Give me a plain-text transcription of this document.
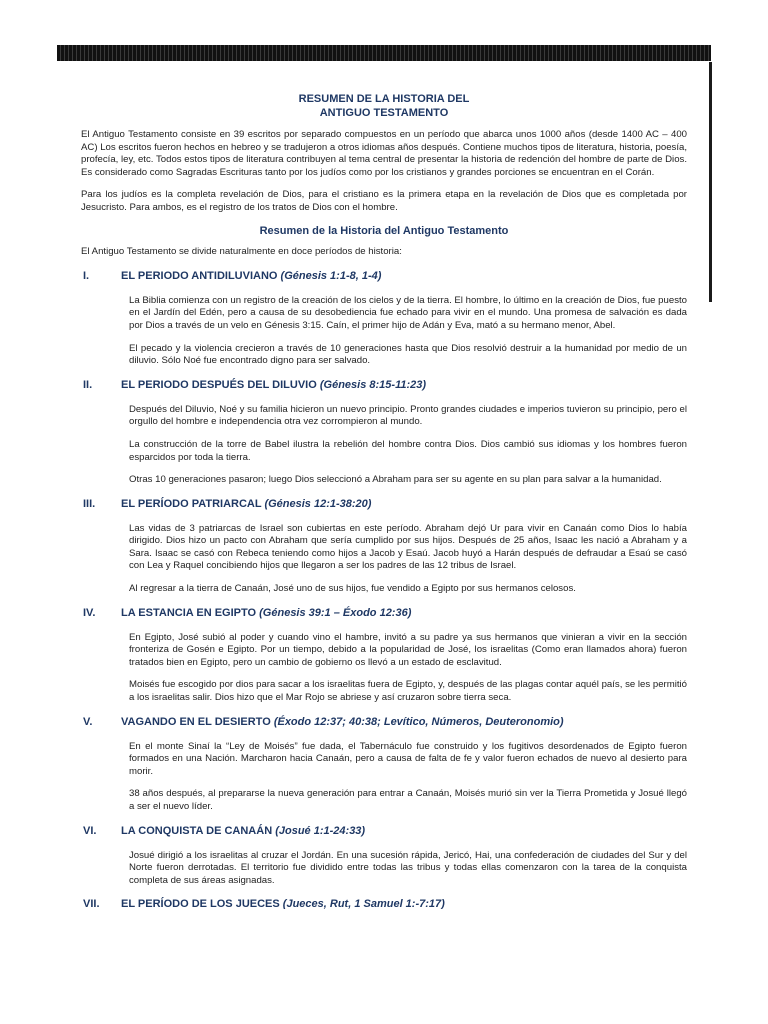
RESUMEN DE LA HISTORIA DEL
ANTIGUO TESTAMENTO

El Antiguo Testamento consiste en 39 escritos por separado compuestos en un período que abarca unos 1000 años (desde 1400 AC – 400 AC) Los escritos fueron hechos en hebreo y se tradujeron a otros idiomas años después. Contiene muchos tipos de literatura, historia, poesía, profecía, ley, etc. Todos estos tipos de literatura contribuyen al tema central de presentar la historia de redención del hombre de parte de Dios. Es considerado como Sagradas Escrituras tanto por los judíos como por los cristianos y grandes porciones se encuentran en el Corán.

Para los judíos es la completa revelación de Dios, para el cristiano es la primera etapa en la revelación de Dios que es completada por Jesucristo. Para ambos, es el registro de los tratos de Dios con el hombre.

Resumen de la Historia del Antiguo Testamento

El Antiguo Testamento se divide naturalmente en doce períodos de historia:

I.	EL PERIODO ANTIDILUVIANO (Génesis 1:1-8, 1-4)

La Biblia comienza con un registro de la creación de los cielos y de la tierra. El hombre, lo último en la creación de Dios, fue puesto en el Jardín del Edén, pero a causa de su desobediencia fue echado para vivir en el mundo. Una promesa de salvación es dada por Dios a través de un velo en Génesis 3:15. Caín, el primer hijo de Adán y Eva, mató a su hermano menor, Abel.

El pecado y la violencia crecieron a través de 10 generaciones hasta que Dios resolvió destruir a la humanidad por medio de un diluvio. Sólo Noé fue encontrado digno para ser salvado.

II.	EL PERIODO DESPUÉS DEL DILUVIO (Génesis 8:15-11:23)

Después del Diluvio, Noé y su familia hicieron un nuevo principio. Pronto grandes ciudades e imperios tuvieron su principio, pero el orgullo del hombre e independencia otra vez corrompieron al mundo.

La construcción de la torre de Babel ilustra la rebelión del hombre contra Dios. Dios cambió sus idiomas y los hombres fueron esparcidos por toda la tierra.

Otras 10 generaciones pasaron; luego Dios seleccionó a Abraham para ser su agente en su plan para salvar a la humanidad.

III.	EL PERÍODO PATRIARCAL (Génesis 12:1-38:20)

Las vidas de 3 patriarcas de Israel son cubiertas en este período. Abraham dejó Ur para vivir en Canaán como Dios lo había dirigido. Dios hizo un pacto con Abraham que sería cumplido por sus hijos. Después de 25 años, Isaac les nació a Abraham y a Sara. Isaac se casó con Rebeca teniendo como hijos a Jacob y Esaú. Jacob huyó a Harán después de defraudar a Esaú se casó con Lea y Raquel concibiendo hijos que llegaron a ser los padres de las 12 tribus de Israel.

Al regresar a la tierra de Canaán, José uno de sus hijos, fue vendido a Egipto por sus hermanos celosos.

IV.	LA ESTANCIA EN EGIPTO (Génesis 39:1 – Éxodo 12:36)

En Egipto, José subió al poder y cuando vino el hambre, invitó a su padre ya sus hermanos que vinieran a vivir en la sección fronteriza de Gosén e Egipto. Por un tiempo, debido a la popularidad de José, los israelitas (Como eran llamados ahora) fueron tratados bien en Egipto, pero un cambio de gobierno os llevó a un estado de esclavitud.

Moisés fue escogido por dios para sacar a los israelitas fuera de Egipto, y, después de las plagas contar aquél país, se les permitió a los israelitas salir. Dios hizo que el Mar Rojo se abriese y así cruzaron sobre tierra seca.

V.	VAGANDO EN EL DESIERTO (Éxodo 12:37; 40:38; Levítico, Números, Deuteronomio)

En el monte Sinaí la “Ley de Moisés” fue dada, el Tabernáculo fue construido y los fugitivos desordenados de Egipto fueron formados en una Nación. Marcharon hacia Canaán, pero a causa de falta de fe y valor fueron echados de nuevo al desierto para morir.

38 años después, al prepararse la nueva generación para entrar a Canaán, Moisés murió sin ver la Tierra Prometida y Josué llegó a ser el nuevo líder.

VI.	LA CONQUISTA DE CANAÁN (Josué 1:1-24:33)

Josué dirigió a los israelitas al cruzar el Jordán. En una sucesión rápida, Jericó, Hai, una confederación de ciudades del Sur y del Norte fueron derrotadas. El territorio fue dividido entre todas las tribus y todas ellas comenzaron con la tarea de la conquista completa de sus áreas asignadas.

VII.	EL PERÍODO DE LOS JUECES (Jueces, Rut, 1 Samuel 1:-7:17)
